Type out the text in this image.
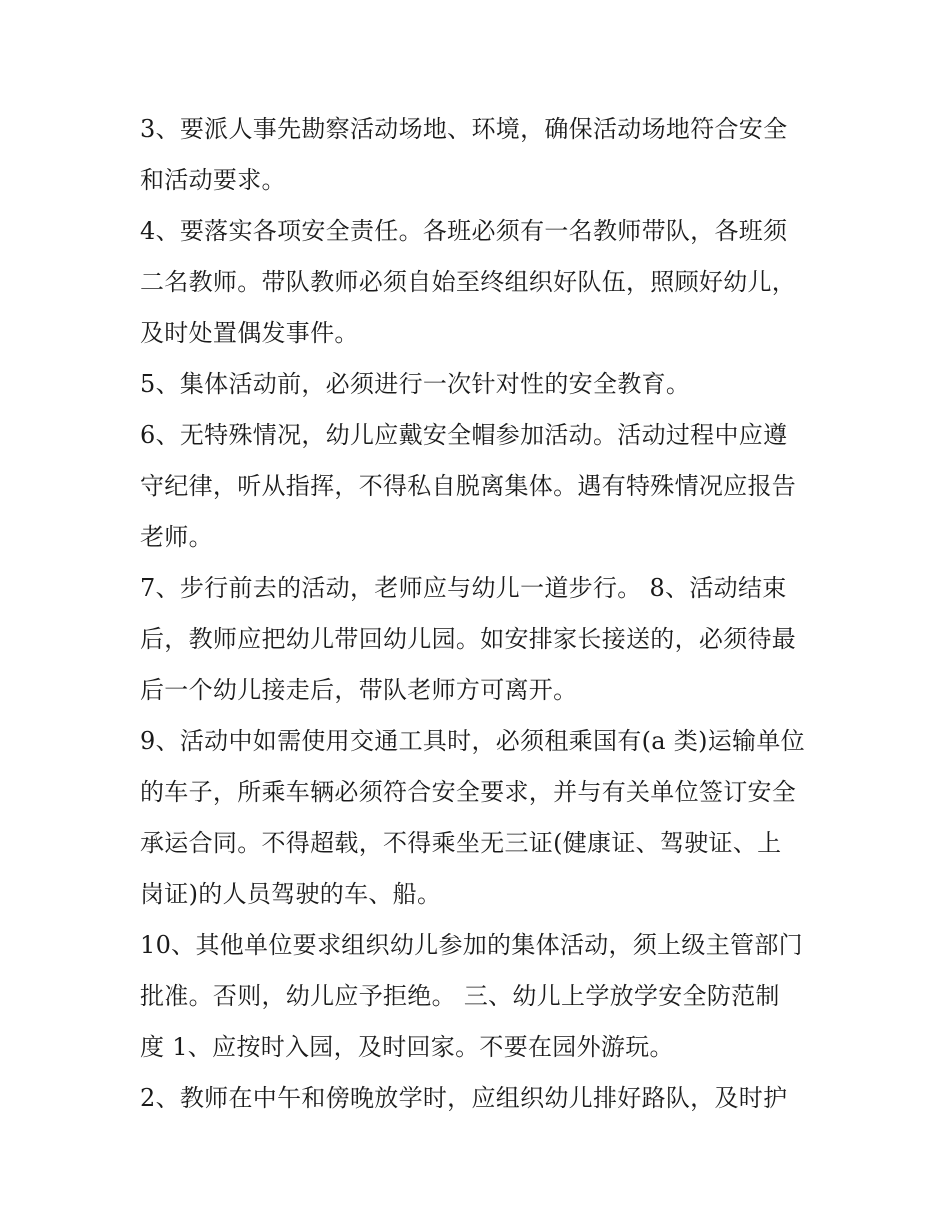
3、要派人事先勘察活动场地、环境，确保活动场地符合安全
和活动要求。
4、要落实各项安全责任。各班必须有一名教师带队，各班须
二名教师。带队教师必须自始至终组织好队伍，照顾好幼儿，
及时处置偶发事件。
5、集体活动前，必须进行一次针对性的安全教育。
6、无特殊情况，幼儿应戴安全帽参加活动。活动过程中应遵
守纪律，听从指挥，不得私自脱离集体。遇有特殊情况应报告
老师。
7、步行前去的活动，老师应与幼儿一道步行。 8、活动结束
后，教师应把幼儿带回幼儿园。如安排家长接送的，必须待最
后一个幼儿接走后，带队老师方可离开。
9、活动中如需使用交通工具时，必须租乘国有(a 类)运输单位
的车子，所乘车辆必须符合安全要求，并与有关单位签订安全
承运合同。不得超载，不得乘坐无三证(健康证、驾驶证、上
岗证)的人员驾驶的车、船。
10、其他单位要求组织幼儿参加的集体活动，须上级主管部门
批准。否则，幼儿应予拒绝。 三、幼儿上学放学安全防范制
度 1、应按时入园，及时回家。不要在园外游玩。
2、教师在中午和傍晚放学时，应组织幼儿排好路队，及时护
